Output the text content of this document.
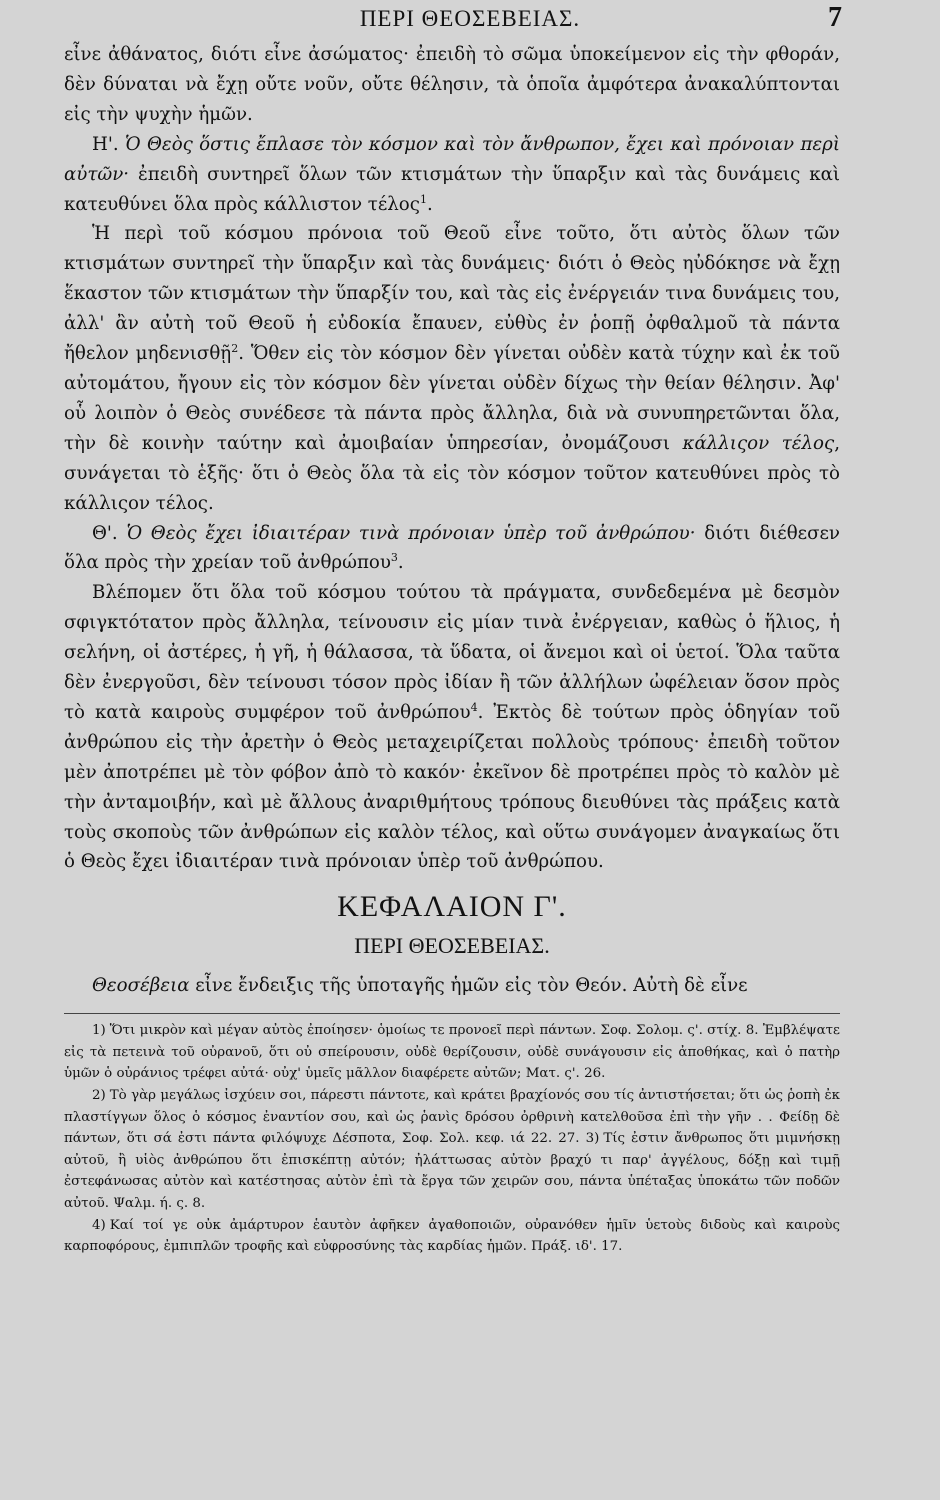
ΠΕΡΙ ΘΕΟΣΕΒΕΙΑΣ.	7

εἶνε ἀθάνατος, διότι εἶνε ἀσώματος· ἐπειδὴ τὸ σῶμα ὑποκείμενον εἰς τὴν φθοράν, δὲν δύναται νὰ ἔχῃ οὔτε νοῦν, οὔτε θέλησιν, τὰ ὁποῖα ἀμφότερα ἀνακαλύπτονται εἰς τὴν ψυχὴν ἡμῶν.

Η'. Ὁ Θεὸς ὅστις ἔπλασε τὸν κόσμον καὶ τὸν ἄνθρωπον, ἔχει καὶ πρόνοιαν περὶ αὐτῶν· ἐπειδὴ συντηρεῖ ὅλων τῶν κτισμάτων τὴν ὕπαρξιν καὶ τὰς δυνάμεις καὶ κατευθύνει ὅλα πρὸς κάλλιστον τέλος$^1$.

Ἡ περὶ τοῦ κόσμου πρόνοια τοῦ Θεοῦ εἶνε τοῦτο, ὅτι αὐτὸς ὅλων τῶν κτισμάτων συντηρεῖ τὴν ὕπαρξιν καὶ τὰς δυνάμεις· διότι ὁ Θεὸς ηὐδόκησε νὰ ἔχῃ ἕκαστον τῶν κτισμάτων τὴν ὕπαρξίν του, καὶ τὰς εἰς ἐνέργειάν τινα δυνάμεις του, ἀλλ' ἂν αὐτὴ τοῦ Θεοῦ ἡ εὐδοκία ἔπαυεν, εὐθὺς ἐν ῥοπῇ ὀφθαλμοῦ τὰ πάντα ἤθελον μηδενισθῇ$^2$. Ὅθεν εἰς τὸν κόσμον δὲν γίνεται οὐδὲν κατὰ τύχην καὶ ἐκ τοῦ αὐτομάτου, ἤγουν εἰς τὸν κόσμον δὲν γίνεται οὐδὲν δίχως τὴν θείαν θέλησιν. Ἀφ' οὗ λοιπὸν ὁ Θεὸς συνέδεσε τὰ πάντα πρὸς ἄλληλα, διὰ νὰ συνυπηρετῶνται ὅλα, τὴν δὲ κοινὴν ταύτην καὶ ἀμοιβαίαν ὑπηρεσίαν, ὀνομάζουσι κάλλιςον τέλος, συνάγεται τὸ ἑξῆς· ὅτι ὁ Θεὸς ὅλα τὰ εἰς τὸν κόσμον τοῦτον κατευθύνει πρὸς τὸ κάλλιςον τέλος.

Θ'. Ὁ Θεὸς ἔχει ἰδιαιτέραν τινὰ πρόνοιαν ὑπὲρ τοῦ ἀνθρώπου· διότι διέθεσεν ὅλα πρὸς τὴν χρείαν τοῦ ἀνθρώπου$^3$.

Βλέπομεν ὅτι ὅλα τοῦ κόσμου τούτου τὰ πράγματα, συνδεδεμένα μὲ δεσμὸν σφιγκτότατον πρὸς ἄλληλα, τείνουσιν εἰς μίαν τινὰ ἐνέργειαν, καθὼς ὁ ἥλιος, ἡ σελήνη, οἱ ἀστέρες, ἡ γῆ, ἡ θάλασσα, τὰ ὕδατα, οἱ ἄνεμοι καὶ οἱ ὑετοί. Ὅλα ταῦτα δὲν ἐνεργοῦσι, δὲν τείνουσι τόσον πρὸς ἰδίαν ἢ τῶν ἀλλήλων ὠφέλειαν ὅσον πρὸς τὸ κατὰ καιροὺς συμφέρον τοῦ ἀνθρώπου$^4$. Ἐκτὸς δὲ τούτων πρὸς ὁδηγίαν τοῦ ἀνθρώπου εἰς τὴν ἀρετὴν ὁ Θεὸς μεταχειρίζεται πολλοὺς τρόπους· ἐπειδὴ τοῦτον μὲν ἀποτρέπει μὲ τὸν φόβον ἀπὸ τὸ κακόν· ἐκεῖνον δὲ προτρέπει πρὸς τὸ καλὸν μὲ τὴν ἀνταμοιβήν, καὶ μὲ ἄλλους ἀναριθμήτους τρόπους διευθύνει τὰς πράξεις κατὰ τοὺς σκοποὺς τῶν ἀνθρώπων εἰς καλὸν τέλος, καὶ οὕτω συνάγομεν ἀναγκαίως ὅτι ὁ Θεὸς ἔχει ἰδιαιτέραν τινὰ πρόνοιαν ὑπὲρ τοῦ ἀνθρώπου.

ΚΕΦΑΛΑΙΟΝ Γ'.
ΠΕΡΙ ΘΕΟΣΕΒΕΙΑΣ.

Θεοσέβεια εἶνε ἔνδειξις τῆς ὑποταγῆς ἡμῶν εἰς τὸν Θεόν. Αὐτὴ δὲ εἶνε

1) Ὅτι μικρὸν καὶ μέγαν αὐτὸς ἐποίησεν· ὁμοίως τε προνοεῖ περὶ πάντων. Σοφ. Σολομ. ς'. στίχ. 8. Ἐμβλέψατε εἰς τὰ πετεινὰ τοῦ οὐρανοῦ, ὅτι οὐ σπείρουσιν, οὐδὲ θερίζουσιν, οὐδὲ συνάγουσιν εἰς ἀποθήκας, καὶ ὁ πατὴρ ὑμῶν ὁ οὐράνιος τρέφει αὐτά· οὐχ' ὑμεῖς μᾶλλον διαφέρετε αὐτῶν; Ματ. ς'. 26.

2) Τὸ γὰρ μεγάλως ἰσχύειν σοι, πάρεστι πάντοτε, καὶ κράτει βραχίονός σου τίς ἀντιστήσεται; ὅτι ὡς ῥοπὴ ἐκ πλαστίγγων ὅλος ὁ κόσμος ἐναντίον σου, καὶ ὡς ῥανὶς δρόσου ὀρθρινὴ κατελθοῦσα ἐπὶ τὴν γῆν . . Φείδῃ δὲ πάντων, ὅτι σά ἐστι πάντα φιλόψυχε Δέσποτα, Σοφ. Σολ. κεφ. ιά 22. 27. 3) Τίς ἐστιν ἄνθρωπος ὅτι μιμνήσκῃ αὐτοῦ, ἢ υἱὸς ἀνθρώπου ὅτι ἐπισκέπτῃ αὐτόν; ἠλάττωσας αὐτὸν βραχύ τι παρ' ἀγγέλους, δόξῃ καὶ τιμῇ ἐστεφάνωσας αὐτὸν καὶ κατέστησας αὐτὸν ἐπὶ τὰ ἔργα τῶν χειρῶν σου, πάντα ὑπέταξας ὑποκάτω τῶν ποδῶν αὐτοῦ. Ψαλμ. ή. ς. 8.

4) Καί τοί γε οὐκ ἀμάρτυρον ἑαυτὸν ἀφῆκεν ἀγαθοποιῶν, οὐρανόθεν ἡμῖν ὑετοὺς διδοὺς καὶ καιροὺς καρποφόρους, ἐμπιπλῶν τροφῆς καὶ εὐφροσύνης τὰς καρδίας ἡμῶν. Πράξ. ιδ'. 17.
